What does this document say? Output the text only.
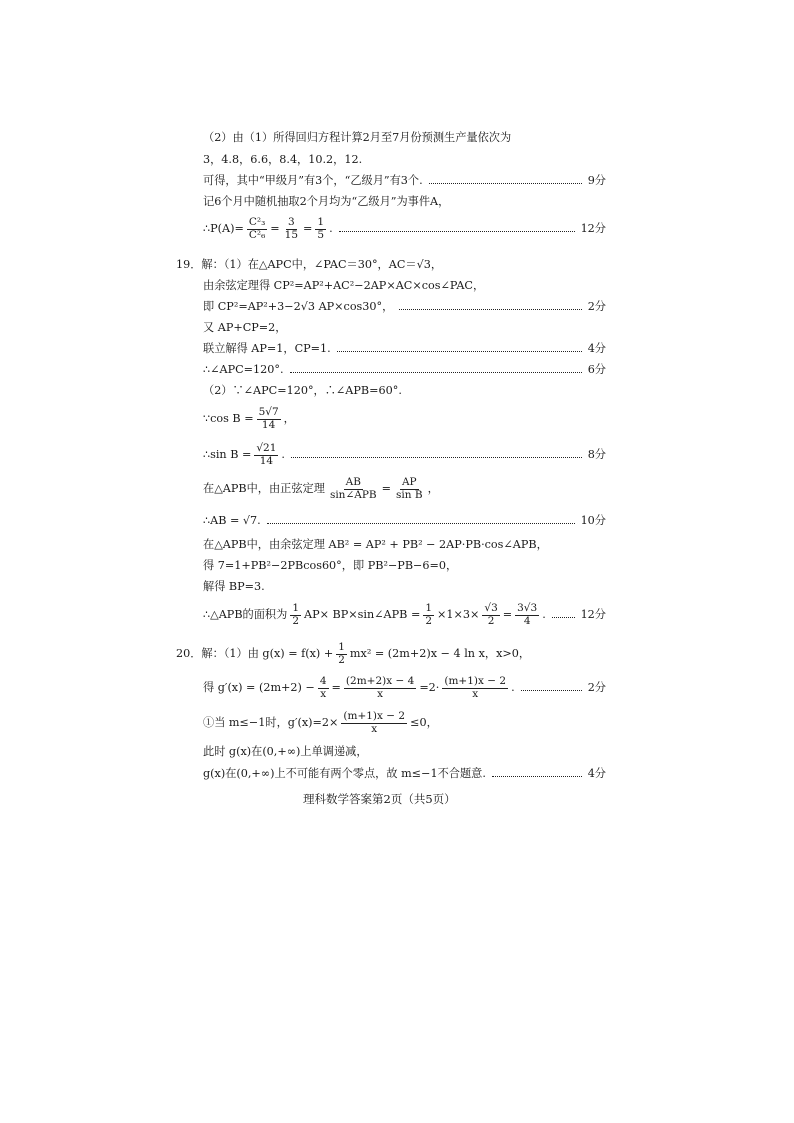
（2）由（1）所得回归方程计算2月至7月份预测生产量依次为
3，4.8，6.6，8.4，10.2，12.
可得，其中“甲级月”有3个，“乙级月”有3个.	9分
记6个月中随机抽取2个月均为“乙级月”为事件A，
∴P(A)= $\frac{\text{C²₃}}{\text{C²₆}} = \frac{3}{15} = \frac{1}{5}$ .	12分
19．解：（1）在△APC中，∠PAC＝30°，AC＝√3，
由余弦定理得 CP²=AP²+AC²−2AP×AC×cos∠PAC，
即 CP²=AP²+3−2√3 AP×cos30°，	2分
又 AP+CP=2，
联立解得 AP=1，CP=1.	4分
∴∠APC=120°.	6分
（2）∵∠APC=120°，∴∠APB=60°.
∵cos $B = \frac{5√7}{14}$ ，
∴sin $B = \frac{√21}{14}$ .	8分
在△APB中，由正弦定理 $\frac{AB}{\text{sin∠APB}} = \frac{AP}{\text{sin B}}$ ，
∴AB = √7.	10分
在△APB中，由余弦定理 AB² = AP² + PB² − 2AP·PB·cos∠APB，
得 7=1+PB²−2PBcos60°，即 PB²−PB−6=0，
解得 BP=3.
∴△APB的面积为 $\frac{1}{2} AP\times$ BP×sin∠APB = $\frac{1}{2} \times 1\times 3\times \frac{√3}{2} = \frac{3√3}{4}$ .	12分
20．解：（1）由 $g(x) = f(x) + \frac{1}{2} mx^2 = (2m+2)x - 4$ ln x，x>0，
得 $g'(x) = (2m+2) - \frac{4}{x} = \frac{(2m+2)x - 4}{x} =2\cdot \frac{(m+1)x - 2}{x}$ .	2分
①当 m≤−1时，$g'(x)=2\times \frac{(m+1)x - 2}{x} \le 0$，
此时 g(x)在(0,+∞)上单调递减，
g(x)在(0,+∞)上不可能有两个零点，故 m≤−1不合题意.	4分
理科数学答案第2页（共5页）
